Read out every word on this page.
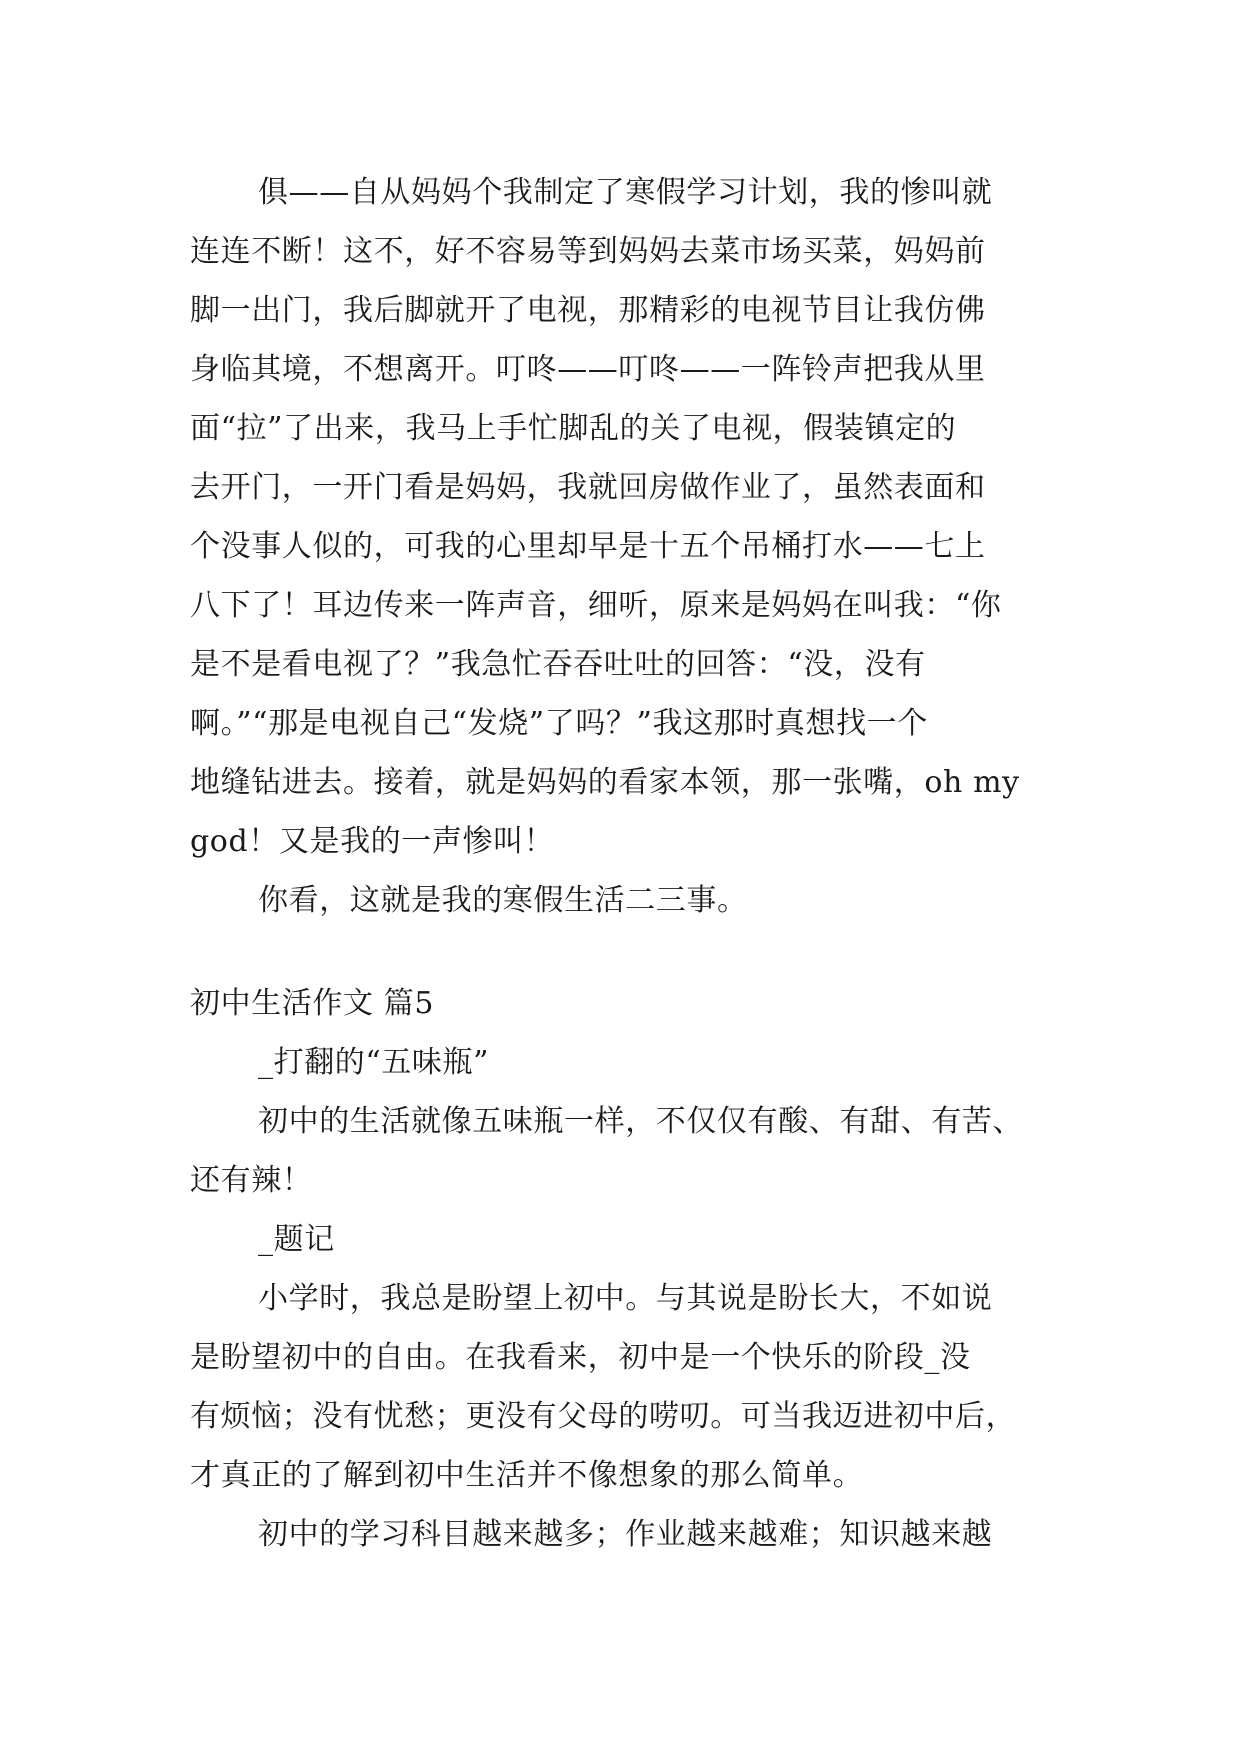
俱——自从妈妈个我制定了寒假学习计划，我的惨叫就
连连不断！这不，好不容易等到妈妈去菜市场买菜，妈妈前
脚一出门，我后脚就开了电视，那精彩的电视节目让我仿佛
身临其境，不想离开。叮咚——叮咚——一阵铃声把我从里
面“拉”了出来，我马上手忙脚乱的关了电视，假装镇定的
去开门，一开门看是妈妈，我就回房做作业了，虽然表面和
个没事人似的，可我的心里却早是十五个吊桶打水——七上
八下了！耳边传来一阵声音，细听，原来是妈妈在叫我：“你
是不是看电视了？”我急忙吞吞吐吐的回答：“没，没有
啊。”“那是电视自己“发烧”了吗？”我这那时真想找一个
地缝钻进去。接着，就是妈妈的看家本领，那一张嘴，oh my
god！又是我的一声惨叫！
你看，这就是我的寒假生活二三事。
初中生活作文 篇5
_打翻的“五味瓶”
初中的生活就像五味瓶一样，不仅仅有酸、有甜、有苦、
还有辣！
_题记
小学时，我总是盼望上初中。与其说是盼长大，不如说
是盼望初中的自由。在我看来，初中是一个快乐的阶段_没
有烦恼；没有忧愁；更没有父母的唠叨。可当我迈进初中后，
才真正的了解到初中生活并不像想象的那么简单。
初中的学习科目越来越多；作业越来越难；知识越来越
